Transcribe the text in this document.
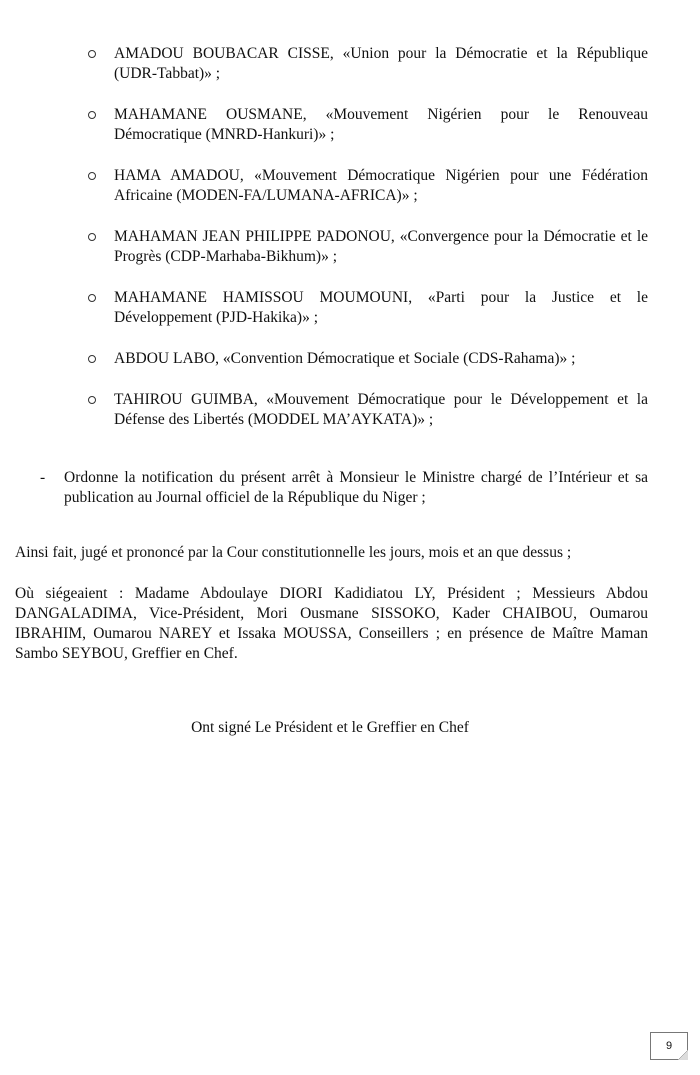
AMADOU BOUBACAR CISSE, «Union pour la Démocratie et la République (UDR-Tabbat)» ;
MAHAMANE OUSMANE, «Mouvement Nigérien pour le Renouveau Démocratique (MNRD-Hankuri)» ;
HAMA AMADOU, «Mouvement Démocratique Nigérien pour une Fédération Africaine (MODEN-FA/LUMANA-AFRICA)» ;
MAHAMAN JEAN PHILIPPE PADONOU, «Convergence pour la Démocratie et le Progrès (CDP-Marhaba-Bikhum)» ;
MAHAMANE HAMISSOU MOUMOUNI, «Parti pour la Justice et le Développement (PJD-Hakika)» ;
ABDOU LABO, «Convention Démocratique et Sociale (CDS-Rahama)» ;
TAHIROU GUIMBA, «Mouvement Démocratique pour le Développement et la Défense des Libertés (MODDEL MA’AYKATA)» ;
- Ordonne la notification du présent arrêt à Monsieur le Ministre chargé de l’Intérieur et sa publication au Journal officiel de la République du Niger ;
Ainsi fait, jugé et prononcé par la Cour constitutionnelle les jours, mois et an que dessus ;
Où siégeaient : Madame Abdoulaye DIORI Kadidiatou LY, Président ; Messieurs Abdou DANGALADIMA, Vice-Président, Mori Ousmane SISSOKO, Kader CHAIBOU, Oumarou IBRAHIM, Oumarou NAREY et Issaka MOUSSA, Conseillers ; en présence de Maître Maman Sambo SEYBOU, Greffier en Chef.
Ont signé Le Président et le Greffier en Chef
9
